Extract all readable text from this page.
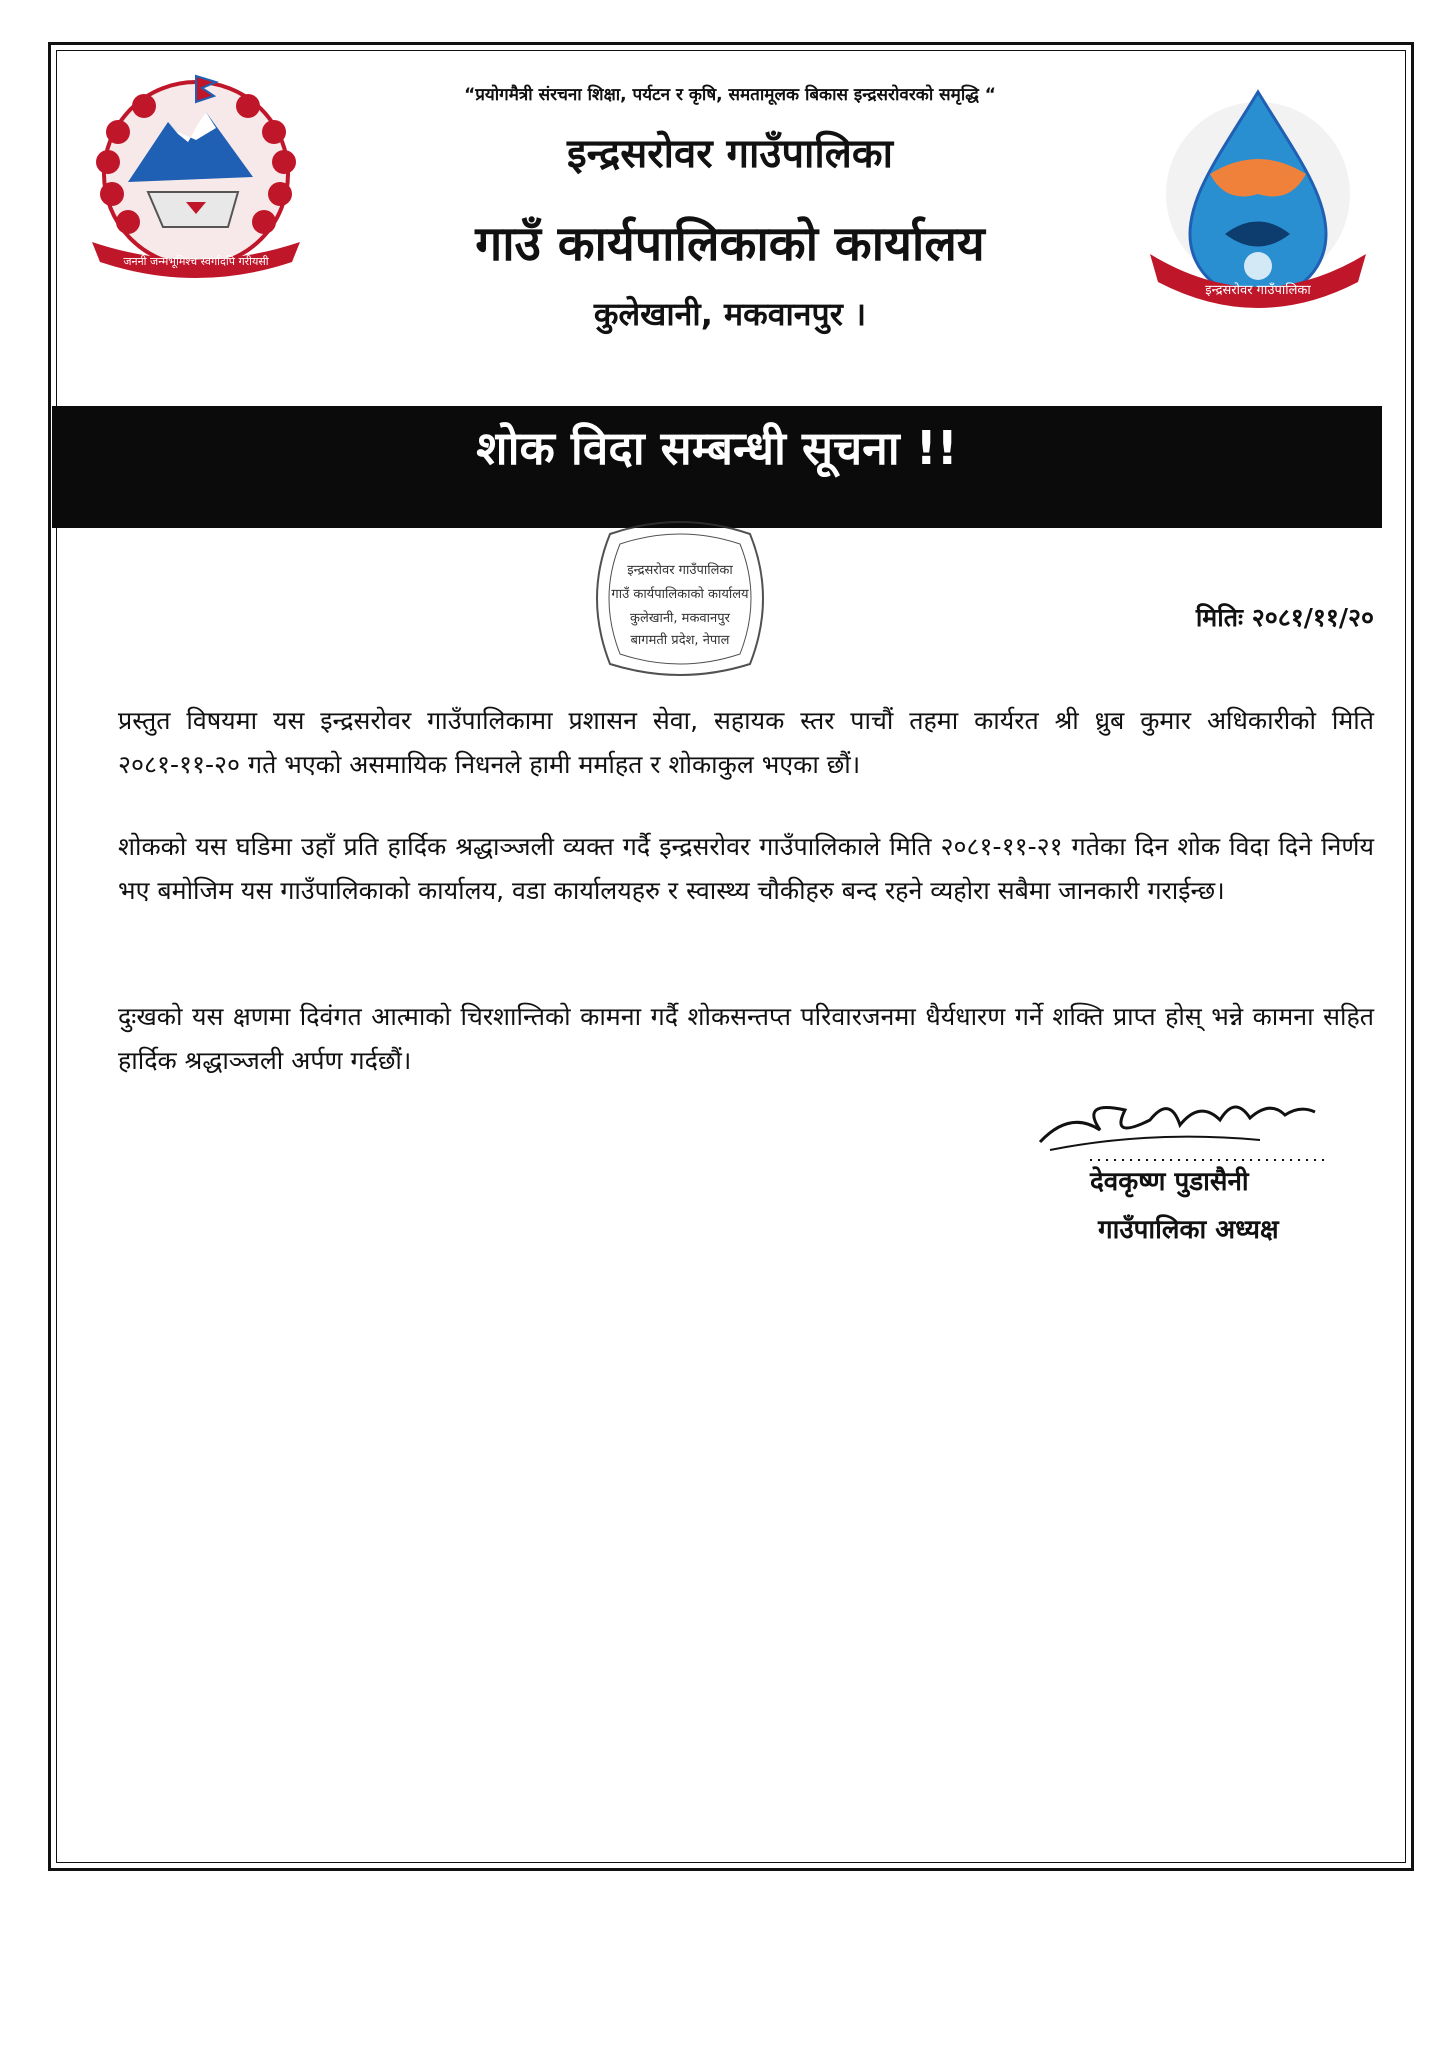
जननी जन्मभूमिश्च स्वर्गादपि गरीयसी
इन्द्रसरोवर गाउँपालिका
“प्रयोगमैत्री संरचना शिक्षा, पर्यटन र कृषि, समतामूलक बिकास इन्द्रसरोवरको समृद्धि “
इन्द्रसरोवर गाउँपालिका
गाउँ कार्यपालिकाको कार्यालय
कुलेखानी, मकवानपुर ।
शोक विदा सम्बन्धी सूचना !!
इन्द्रसरोवर गाउँपालिका
गाउँ कार्यपालिकाको कार्यालय
कुलेखानी, मकवानपुर
बागमती प्रदेश, नेपाल
मितिः २०८१/११/२०

प्रस्तुत विषयमा यस इन्द्रसरोवर गाउँपालिकामा प्रशासन सेवा, सहायक स्तर पाचौं तहमा कार्यरत श्री ध्रुब कुमार अधिकारीको मिति २०८१-११-२० गते भएको असमायिक निधनले हामी मर्माहत र शोकाकुल भएका छौं।

शोकको यस घडिमा उहाँ प्रति हार्दिक श्रद्धाञ्जली व्यक्त गर्दै इन्द्रसरोवर गाउँपालिकाले मिति २०८१-११-२१ गतेका दिन शोक विदा दिने निर्णय भए बमोजिम यस गाउँपालिकाको कार्यालय, वडा कार्यालयहरु र स्वास्थ्य चौकीहरु बन्द रहने व्यहोरा सबैमा जानकारी गराईन्छ।

दुःखको यस क्षणमा दिवंगत आत्माको चिरशान्तिको कामना गर्दै शोकसन्तप्त परिवारजनमा धैर्यधारण गर्ने शक्ति प्राप्त होस् भन्ने कामना सहित हार्दिक श्रद्धाञ्जली अर्पण गर्दछौं।

देवकृष्ण पुडासैनी
गाउँपालिका अध्यक्ष
